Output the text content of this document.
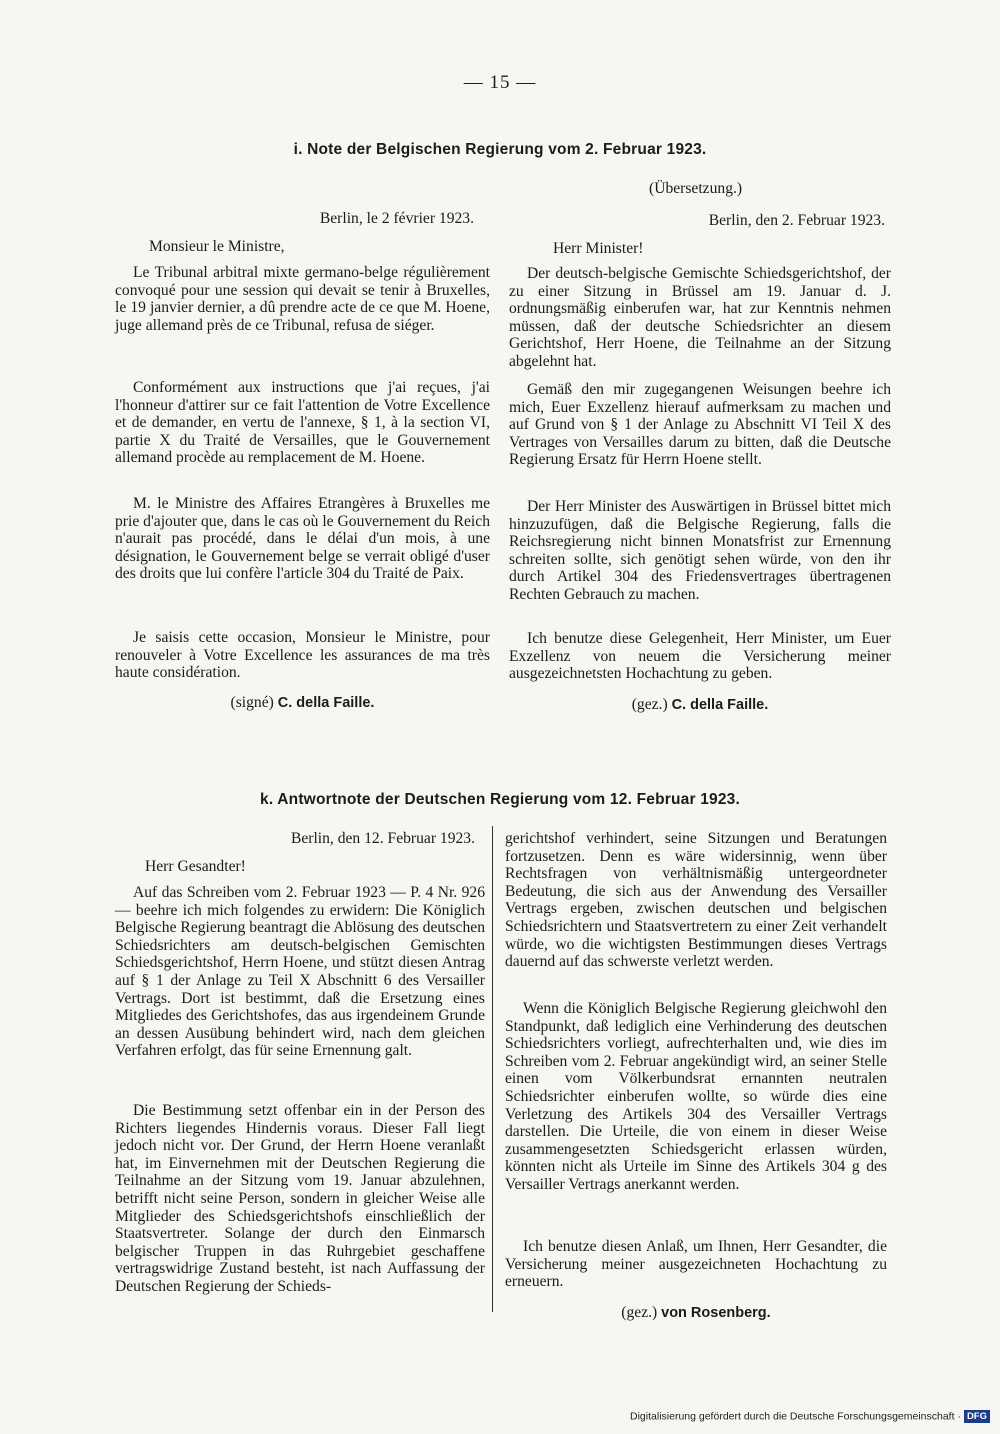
— 15 —
i. Note der Belgischen Regierung vom 2. Februar 1923.
Berlin, le 2 février 1923.
Monsieur le Ministre,

Le Tribunal arbitral mixte germano-belge régulièrement convoqué pour une session qui devait se tenir à Bruxelles, le 19 janvier dernier, a dû prendre acte de ce que M. Hoene, juge allemand près de ce Tribunal, refusa de siéger.

Conformément aux instructions que j'ai reçues, j'ai l'honneur d'attirer sur ce fait l'attention de Votre Excellence et de demander, en vertu de l'annexe, § 1, à la section VI, partie X du Traité de Versailles, que le Gouvernement allemand procède au remplacement de M. Hoene.

M. le Ministre des Affaires Etrangères à Bruxelles me prie d'ajouter que, dans le cas où le Gouvernement du Reich n'aurait pas procédé, dans le délai d'un mois, à une désignation, le Gouvernement belge se verrait obligé d'user des droits que lui confère l'article 304 du Traité de Paix.

Je saisis cette occasion, Monsieur le Ministre, pour renouveler à Votre Excellence les assurances de ma très haute considération.

(signé) C. della Faille.
(Übersetzung.)
Berlin, den 2. Februar 1923.
Herr Minister!

Der deutsch-belgische Gemischte Schiedsgerichtshof, der zu einer Sitzung in Brüssel am 19. Januar d. J. ordnungsmäßig einberufen war, hat zur Kenntnis nehmen müssen, daß der deutsche Schiedsrichter an diesem Gerichtshof, Herr Hoene, die Teilnahme an der Sitzung abgelehnt hat.

Gemäß den mir zugegangenen Weisungen beehre ich mich, Euer Exzellenz hierauf aufmerksam zu machen und auf Grund von § 1 der Anlage zu Abschnitt VI Teil X des Vertrages von Versailles darum zu bitten, daß die Deutsche Regierung Ersatz für Herrn Hoene stellt.

Der Herr Minister des Auswärtigen in Brüssel bittet mich hinzuzufügen, daß die Belgische Regierung, falls die Reichsregierung nicht binnen Monatsfrist zur Ernennung schreiten sollte, sich genötigt sehen würde, von den ihr durch Artikel 304 des Friedensvertrages übertragenen Rechten Gebrauch zu machen.

Ich benutze diese Gelegenheit, Herr Minister, um Euer Exzellenz von neuem die Versicherung meiner ausgezeichnetsten Hochachtung zu geben.

(gez.) C. della Faille.
k. Antwortnote der Deutschen Regierung vom 12. Februar 1923.
Berlin, den 12. Februar 1923.
Herr Gesandter!

Auf das Schreiben vom 2. Februar 1923 — P. 4 Nr. 926 — beehre ich mich folgendes zu erwidern: Die Königlich Belgische Regierung beantragt die Ablösung des deutschen Schiedsrichters am deutsch-belgischen Gemischten Schiedsgerichtshof, Herrn Hoene, und stützt diesen Antrag auf § 1 der Anlage zu Teil X Abschnitt 6 des Versailler Vertrags. Dort ist bestimmt, daß die Ersetzung eines Mitgliedes des Gerichtshofes, das aus irgendeinem Grunde an dessen Ausübung behindert wird, nach dem gleichen Verfahren erfolgt, das für seine Ernennung galt.

Die Bestimmung setzt offenbar ein in der Person des Richters liegendes Hindernis voraus. Dieser Fall liegt jedoch nicht vor. Der Grund, der Herrn Hoene veranlaßt hat, im Einvernehmen mit der Deutschen Regierung die Teilnahme an der Sitzung vom 19. Januar abzulehnen, betrifft nicht seine Person, sondern in gleicher Weise alle Mitglieder des Schiedsgerichtshofs einschließlich der Staatsvertreter. Solange der durch den Einmarsch belgischer Truppen in das Ruhrgebiet geschaffene vertragswidrige Zustand besteht, ist nach Auffassung der Deutschen Regierung der Schieds-

gerichtshof verhindert, seine Sitzungen und Beratungen fortzusetzen. Denn es wäre widersinnig, wenn über Rechtsfragen von verhältnismäßig untergeordneter Bedeutung, die sich aus der Anwendung des Versailler Vertrags ergeben, zwischen deutschen und belgischen Schiedsrichtern und Staatsvertretern zu einer Zeit verhandelt würde, wo die wichtigsten Bestimmungen dieses Vertrags dauernd auf das schwerste verletzt werden.

Wenn die Königlich Belgische Regierung gleichwohl den Standpunkt, daß lediglich eine Verhinderung des deutschen Schiedsrichters vorliegt, aufrechterhalten und, wie dies im Schreiben vom 2. Februar angekündigt wird, an seiner Stelle einen vom Völkerbundsrat ernannten neutralen Schiedsrichter einberufen wollte, so würde dies eine Verletzung des Artikels 304 des Versailler Vertrags darstellen. Die Urteile, die von einem in dieser Weise zusammengesetzten Schiedsgericht erlassen würden, könnten nicht als Urteile im Sinne des Artikels 304 g des Versailler Vertrags anerkannt werden.

Ich benutze diesen Anlaß, um Ihnen, Herr Gesandter, die Versicherung meiner ausgezeichneten Hochachtung zu erneuern.

(gez.) von Rosenberg.
Digitalisierung gefördert durch die Deutsche Forschungsgemeinschaft · DFG
